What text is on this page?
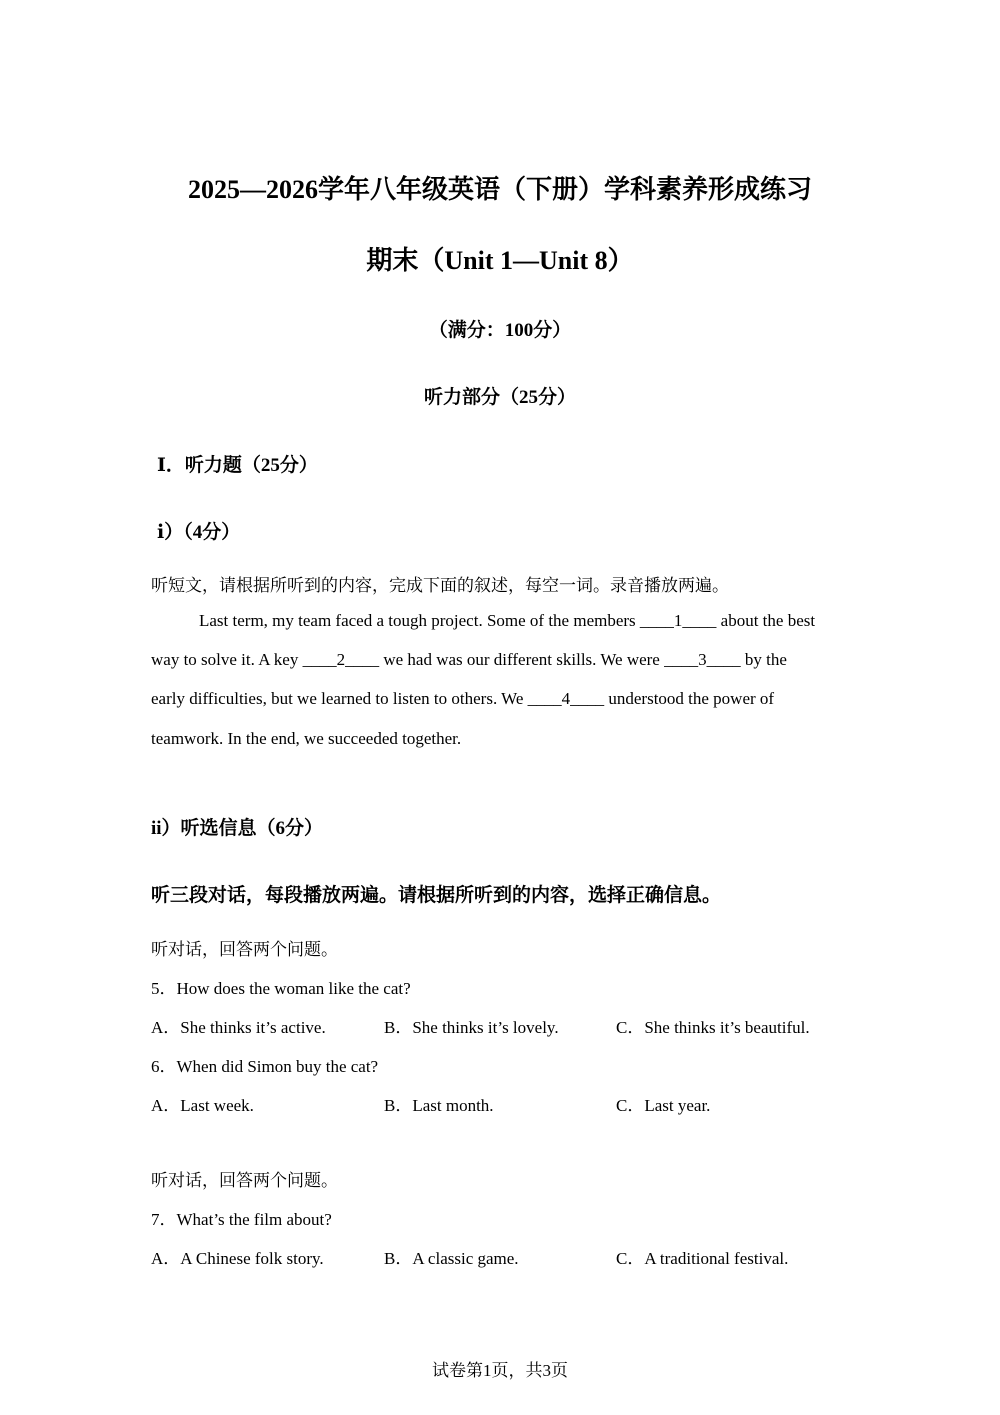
2025—2026学年八年级英语（下册）学科素养形成练习
期末（Unit 1—Unit 8）
（满分：100分）
听力部分（25分）
Ⅰ．听力题（25分）
ⅰ）（4分）
听短文，请根据所听到的内容，完成下面的叙述，每空一词。录音播放两遍。
Last term, my team faced a tough project. Some of the members ____1____ about the best
way to solve it. A key ____2____ we had was our different skills. We were ____3____ by the
early difficulties, but we learned to listen to others. We ____4____ understood the power of
teamwork. In the end, we succeeded together.
ii）听选信息（6分）
听三段对话，每段播放两遍。请根据所听到的内容，选择正确信息。
听对话，回答两个问题。
5．How does the woman like the cat?
A．She thinks it’s active.	B．She thinks it’s lovely.	C．She thinks it’s beautiful.
6．When did Simon buy the cat?
A．Last week.	B．Last month.	C．Last year.
听对话，回答两个问题。
7．What’s the film about?
A．A Chinese folk story.	B．A classic game.	C．A traditional festival.
试卷第1页，共3页
